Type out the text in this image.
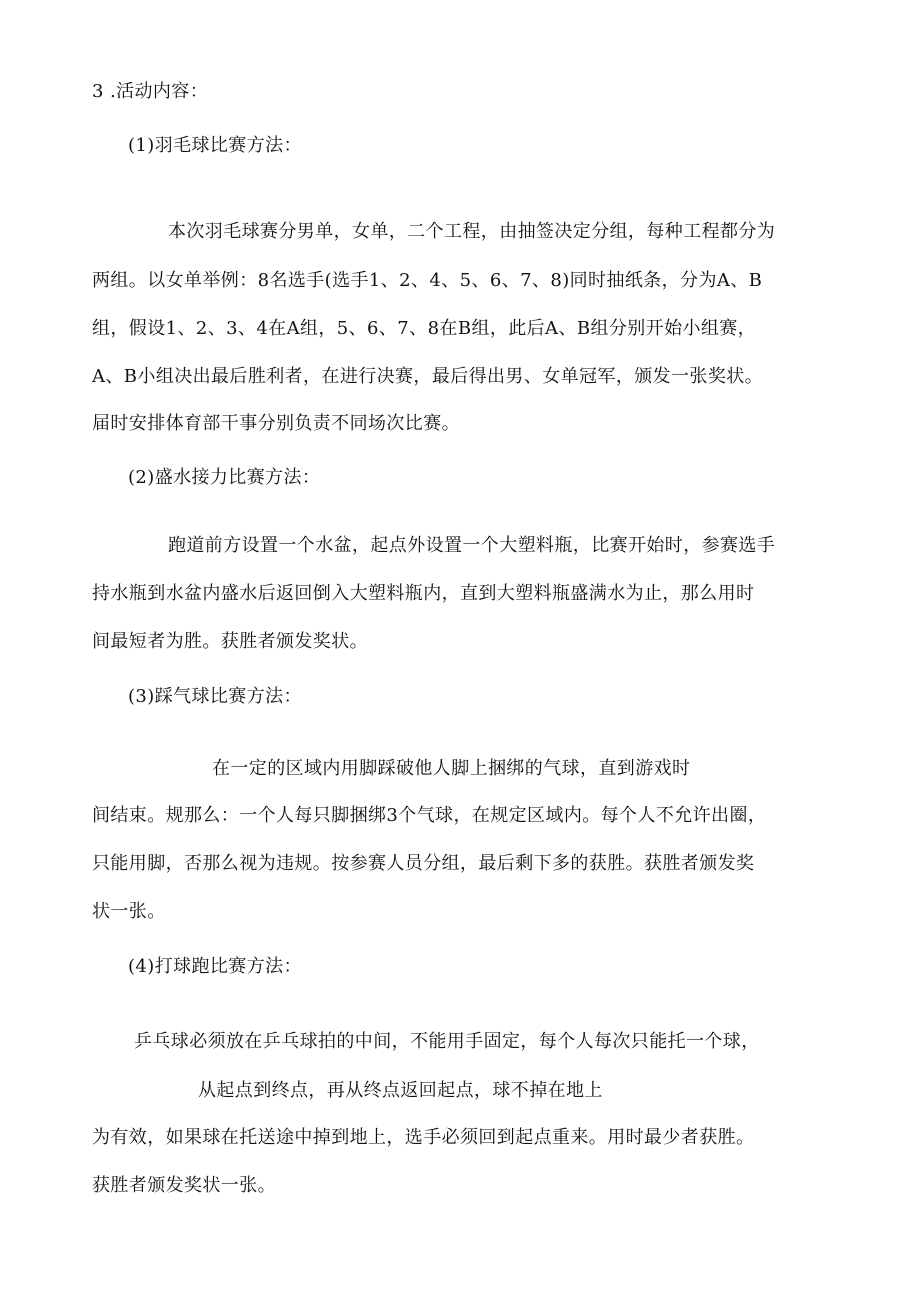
3 .活动内容：
(1)羽毛球比赛方法：
本次羽毛球赛分男单，女单，二个工程，由抽签决定分组，每种工程都分为
两组。以女单举例：8名选手(选手1、2、4、5、6、7、8)同时抽纸条，分为A、B
组，假设1、2、3、4在A组，5、6、7、8在B组，此后A、B组分别开始小组赛，
A、B小组决出最后胜利者，在进行决赛，最后得出男、女单冠军，颁发一张奖状。
届时安排体育部干事分别负责不同场次比赛。
(2)盛水接力比赛方法：
跑道前方设置一个水盆，起点外设置一个大塑料瓶，比赛开始时，参赛选手
持水瓶到水盆内盛水后返回倒入大塑料瓶内，直到大塑料瓶盛满水为止，那么用时
间最短者为胜。获胜者颁发奖状。
(3)踩气球比赛方法：
在一定的区域内用脚踩破他人脚上捆绑的气球，直到游戏时
间结束。规那么：一个人每只脚捆绑3个气球，在规定区域内。每个人不允许出圈，
只能用脚，否那么视为违规。按参赛人员分组，最后剩下多的获胜。获胜者颁发奖
状一张。
(4)打球跑比赛方法：
乒乓球必须放在乒乓球拍的中间，不能用手固定，每个人每次只能托一个球，
从起点到终点，再从终点返回起点，球不掉在地上
为有效，如果球在托送途中掉到地上，选手必须回到起点重来。用时最少者获胜。
获胜者颁发奖状一张。
